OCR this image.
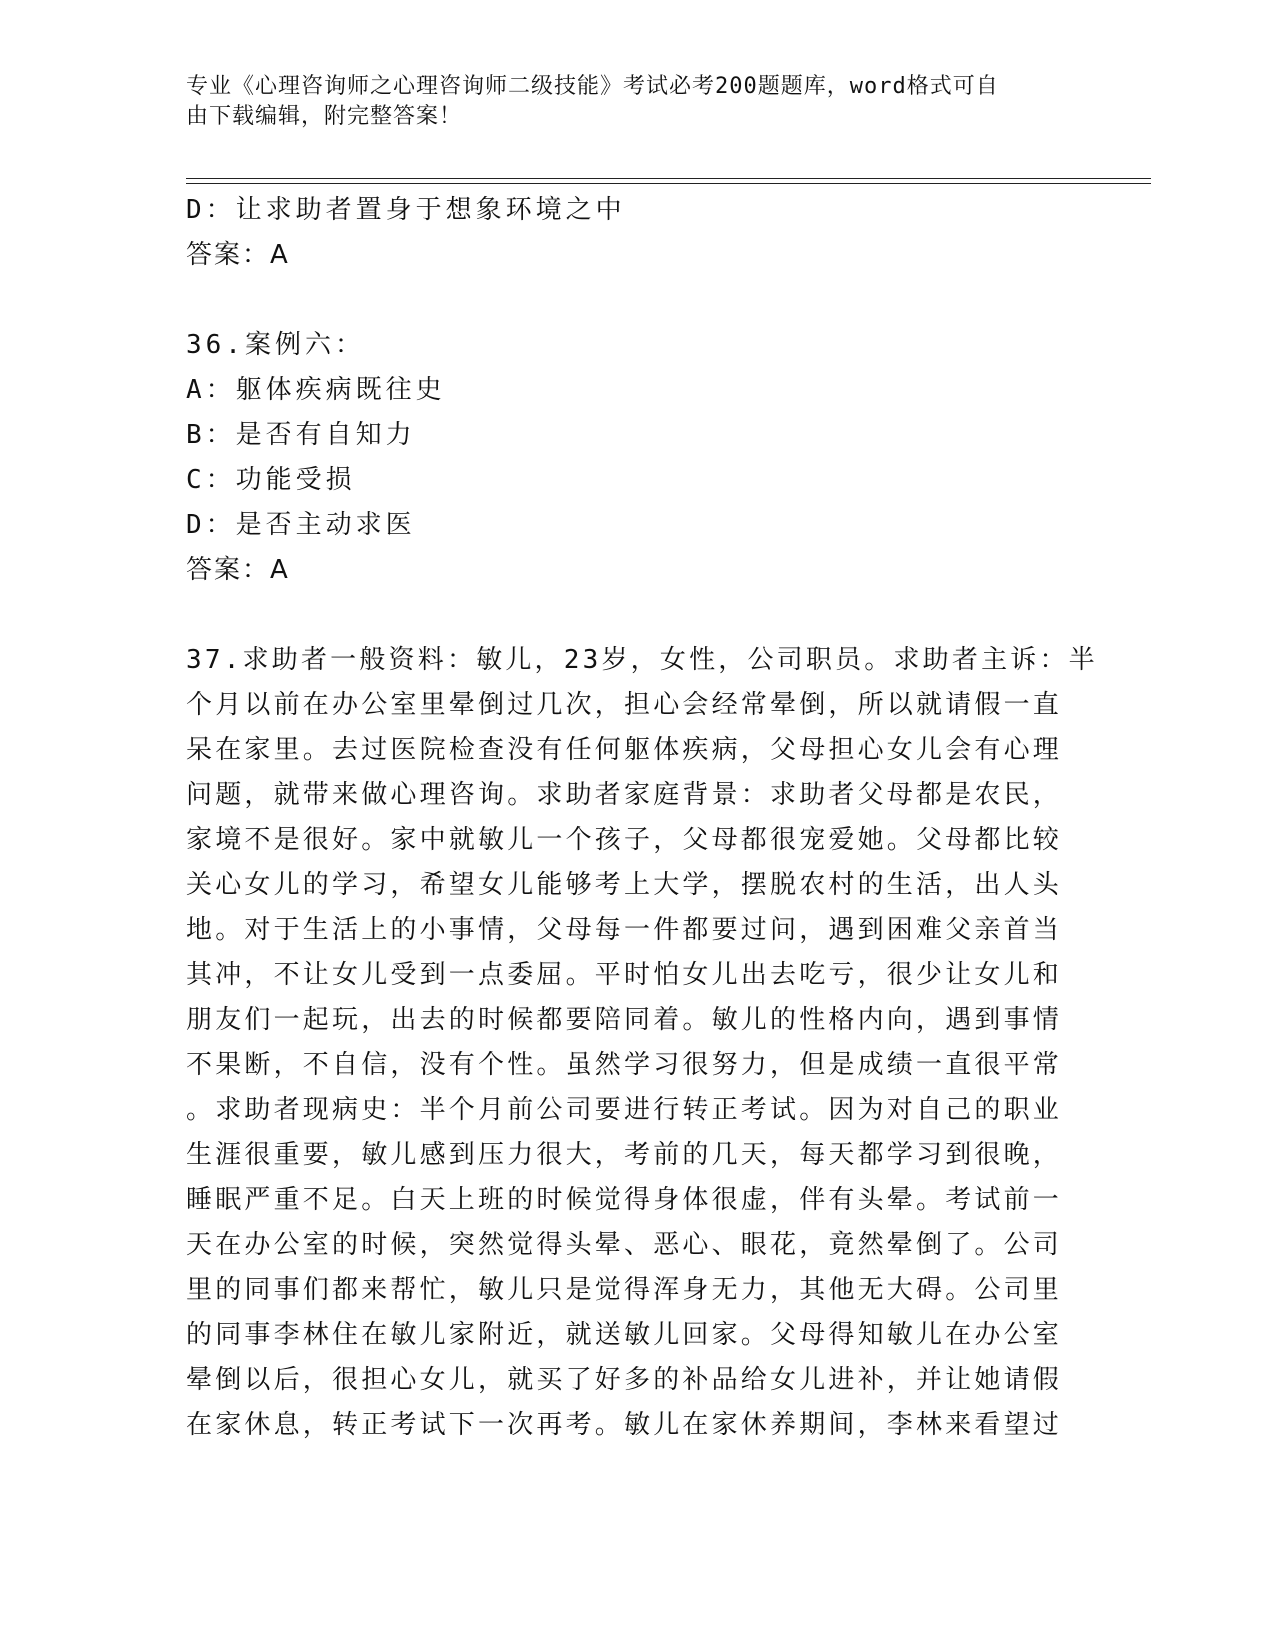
专业《心理咨询师之心理咨询师二级技能》考试必考200题题库，word格式可自
由下载编辑，附完整答案！
D：让求助者置身于想象环境之中
答案：A
36.案例六：
A：躯体疾病既往史
B：是否有自知力
C：功能受损
D：是否主动求医
答案：A
37.求助者一般资料：敏儿，23岁，女性，公司职员。求助者主诉：半
个月以前在办公室里晕倒过几次，担心会经常晕倒，所以就请假一直
呆在家里。去过医院检查没有任何躯体疾病，父母担心女儿会有心理
问题，就带来做心理咨询。求助者家庭背景：求助者父母都是农民，
家境不是很好。家中就敏儿一个孩子，父母都很宠爱她。父母都比较
关心女儿的学习，希望女儿能够考上大学，摆脱农村的生活，出人头
地。对于生活上的小事情，父母每一件都要过问，遇到困难父亲首当
其冲，不让女儿受到一点委屈。平时怕女儿出去吃亏，很少让女儿和
朋友们一起玩，出去的时候都要陪同着。敏儿的性格内向，遇到事情
不果断，不自信，没有个性。虽然学习很努力，但是成绩一直很平常
。求助者现病史：半个月前公司要进行转正考试。因为对自己的职业
生涯很重要，敏儿感到压力很大，考前的几天，每天都学习到很晚，
睡眠严重不足。白天上班的时候觉得身体很虚，伴有头晕。考试前一
天在办公室的时候，突然觉得头晕、恶心、眼花，竟然晕倒了。公司
里的同事们都来帮忙，敏儿只是觉得浑身无力，其他无大碍。公司里
的同事李林住在敏儿家附近，就送敏儿回家。父母得知敏儿在办公室
晕倒以后，很担心女儿，就买了好多的补品给女儿进补，并让她请假
在家休息，转正考试下一次再考。敏儿在家休养期间，李林来看望过
